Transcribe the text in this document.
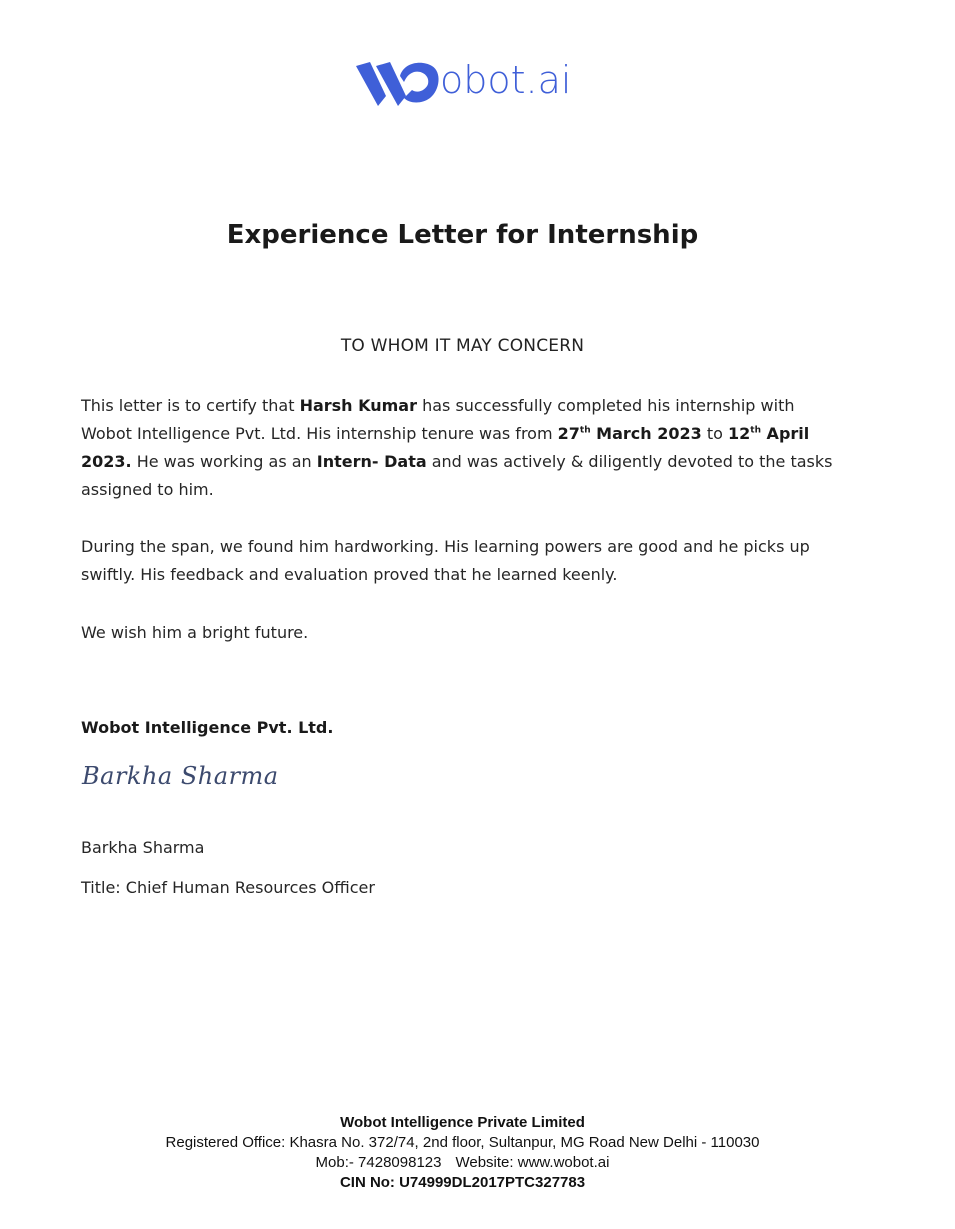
obot.ai
Experience Letter for Internship
TO WHOM IT MAY CONCERN

This letter is to certify that Harsh Kumar has successfully completed his internship with Wobot Intelligence Pvt. Ltd. His internship tenure was from 27th March 2023 to 12th April 2023. He was working as an Intern- Data and was actively & diligently devoted to the tasks assigned to him.

During the span, we found him hardworking. His learning powers are good and he picks up swiftly. His feedback and evaluation proved that he learned keenly.

We wish him a bright future.

Wobot Intelligence Pvt. Ltd.
Barkha Sharma
Barkha Sharma
Title: Chief Human Resources Officer
Wobot Intelligence Private Limited
Registered Office: Khasra No. 372/74, 2nd floor, Sultanpur, MG Road New Delhi - 110030
Mob:- 7428098123 Website: www.wobot.ai
CIN No: U74999DL2017PTC327783
